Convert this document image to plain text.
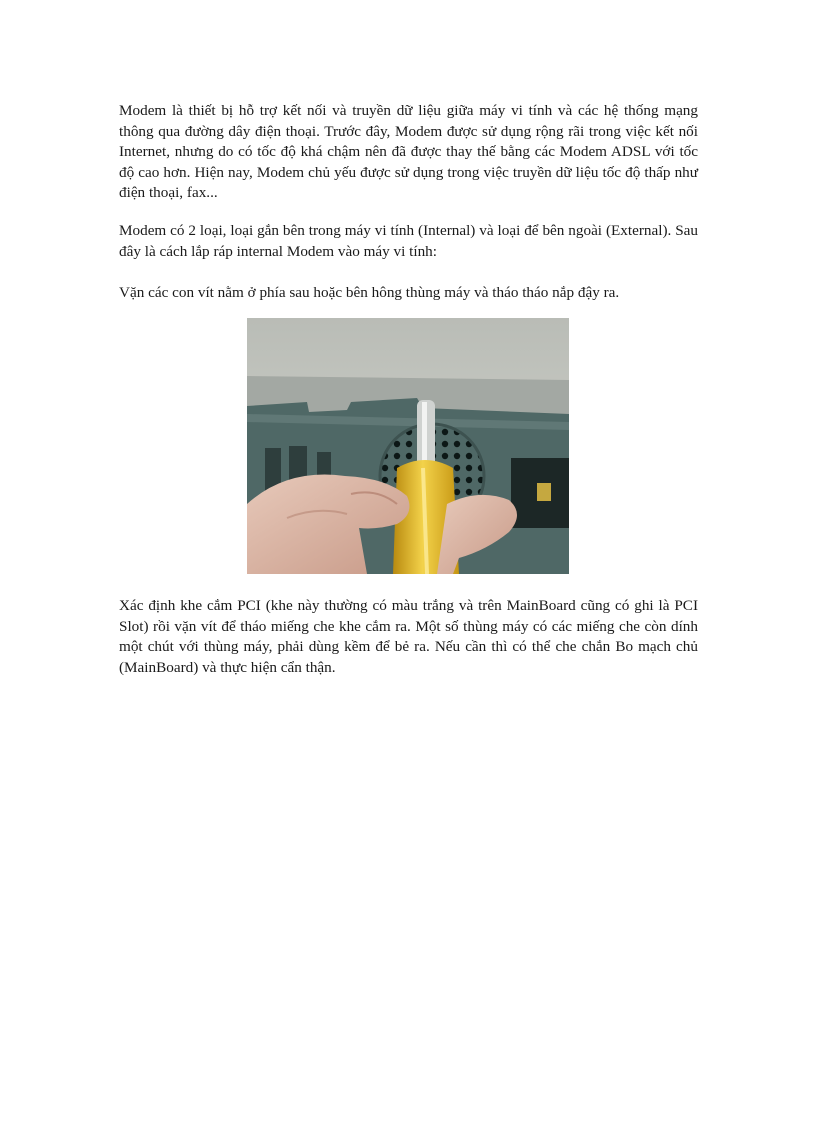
Modem là thiết bị hỗ trợ kết nối và truyền dữ liệu giữa máy vi tính và các hệ thống mạng thông qua đường dây điện thoại. Trước đây, Modem được sử dụng rộng rãi trong việc kết nối Internet, nhưng do có tốc độ khá chậm nên đã được thay thế bằng các Modem ADSL với tốc độ cao hơn. Hiện nay, Modem chủ yếu được sử dụng trong việc truyền dữ liệu tốc độ thấp như điện thoại, fax...

Modem có 2 loại, loại gắn bên trong máy vi tính (Internal) và loại để bên ngoài (External). Sau đây là cách lắp ráp internal Modem vào máy vi tính:

Vặn các con vít nằm ở phía sau hoặc bên hông thùng máy và tháo tháo nắp đậy ra.

Xác định khe cắm PCI (khe này thường có màu trắng và trên MainBoard cũng có ghi là PCI Slot) rồi vặn vít để tháo miếng che khe cắm ra. Một số thùng máy có các miếng che còn dính một chút với thùng máy, phải dùng kềm để bẻ ra. Nếu cần thì có thể che chắn Bo mạch chủ (MainBoard) và thực hiện cẩn thận.
